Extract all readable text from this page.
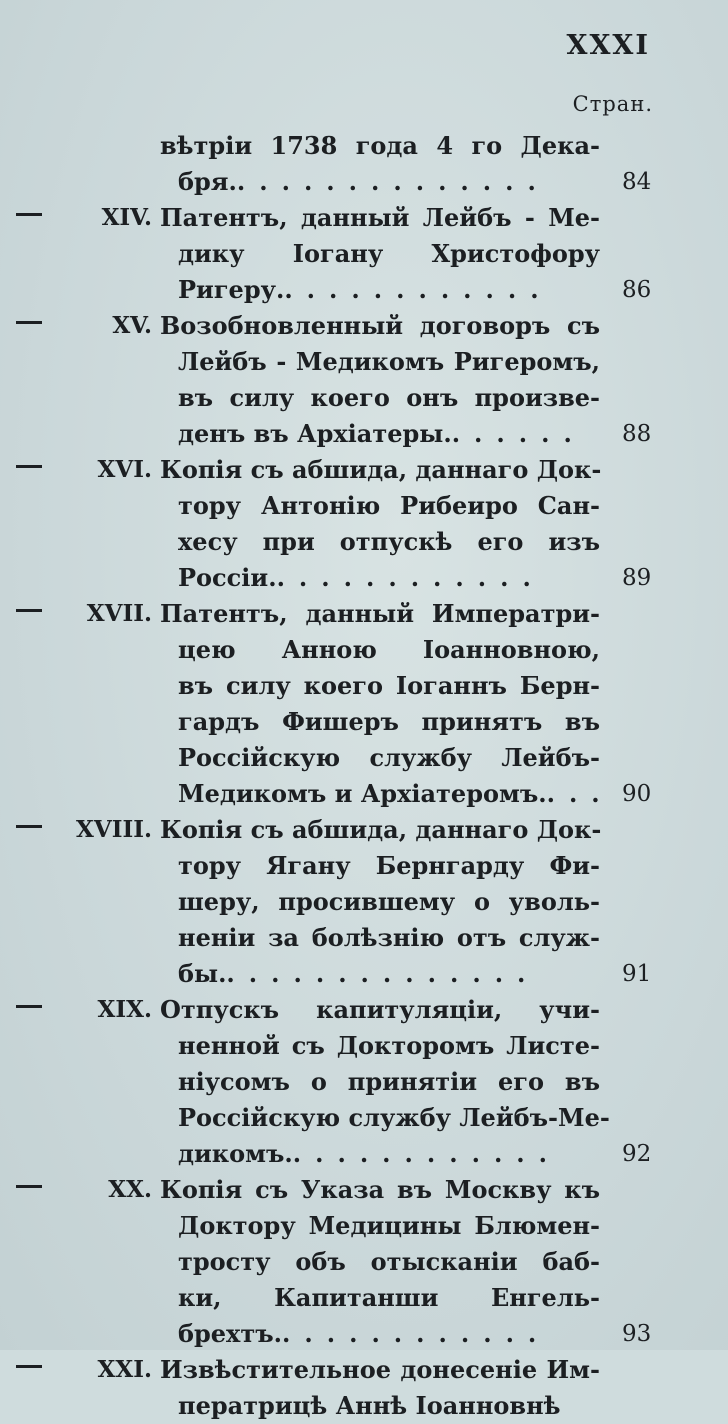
XXXI
Стран.
вѣтріи 1738 года 4 го Дека-
бря...............	84
XIV. Патентъ, данный Лейбъ - Ме-
дику Іогану Христофору
Ригеру.............	86
XV. Возобновленный договоръ съ
Лейбъ - Медикомъ Ригеромъ,
въ силу коего онъ произве-
денъ въ Архіатеры.......	88
XVI. Копія съ абшида, даннаго Док-
тору Антонію Рибеиро Сан-
хесу при отпускѣ его изъ
Россіи.............	89
XVII. Патентъ, данный Императри-
цею Анною Іоанновною,
въ силу коего Іоганнъ Берн-
гардъ Фишеръ принятъ въ
Россійскую службу Лейбъ-
Медикомъ и Архіатеромъ.... 90
XVIII. Копія съ абшида, даннаго Док-
тору Ягану Бернгарду Фи-
шеру, просившему о уволь-
неніи за болѣзнію отъ служ-
бы...............	91
XIX. Отпускъ капитуляціи, учи-
ненной съ Докторомъ Листе-
ніусомъ о принятіи его въ
Россійскую службу Лейбъ-Ме-
дикомъ.............	92
XX. Копія съ Указа въ Москву къ
Доктору Медицины Блюмен-
тросту объ отысканіи баб-
ки, Капитанши Енгель-
брехтъ.............	93
XXI. Извѣстительное донесеніе Им-
ператрицѣ Аннѣ Іоанновнѣ
